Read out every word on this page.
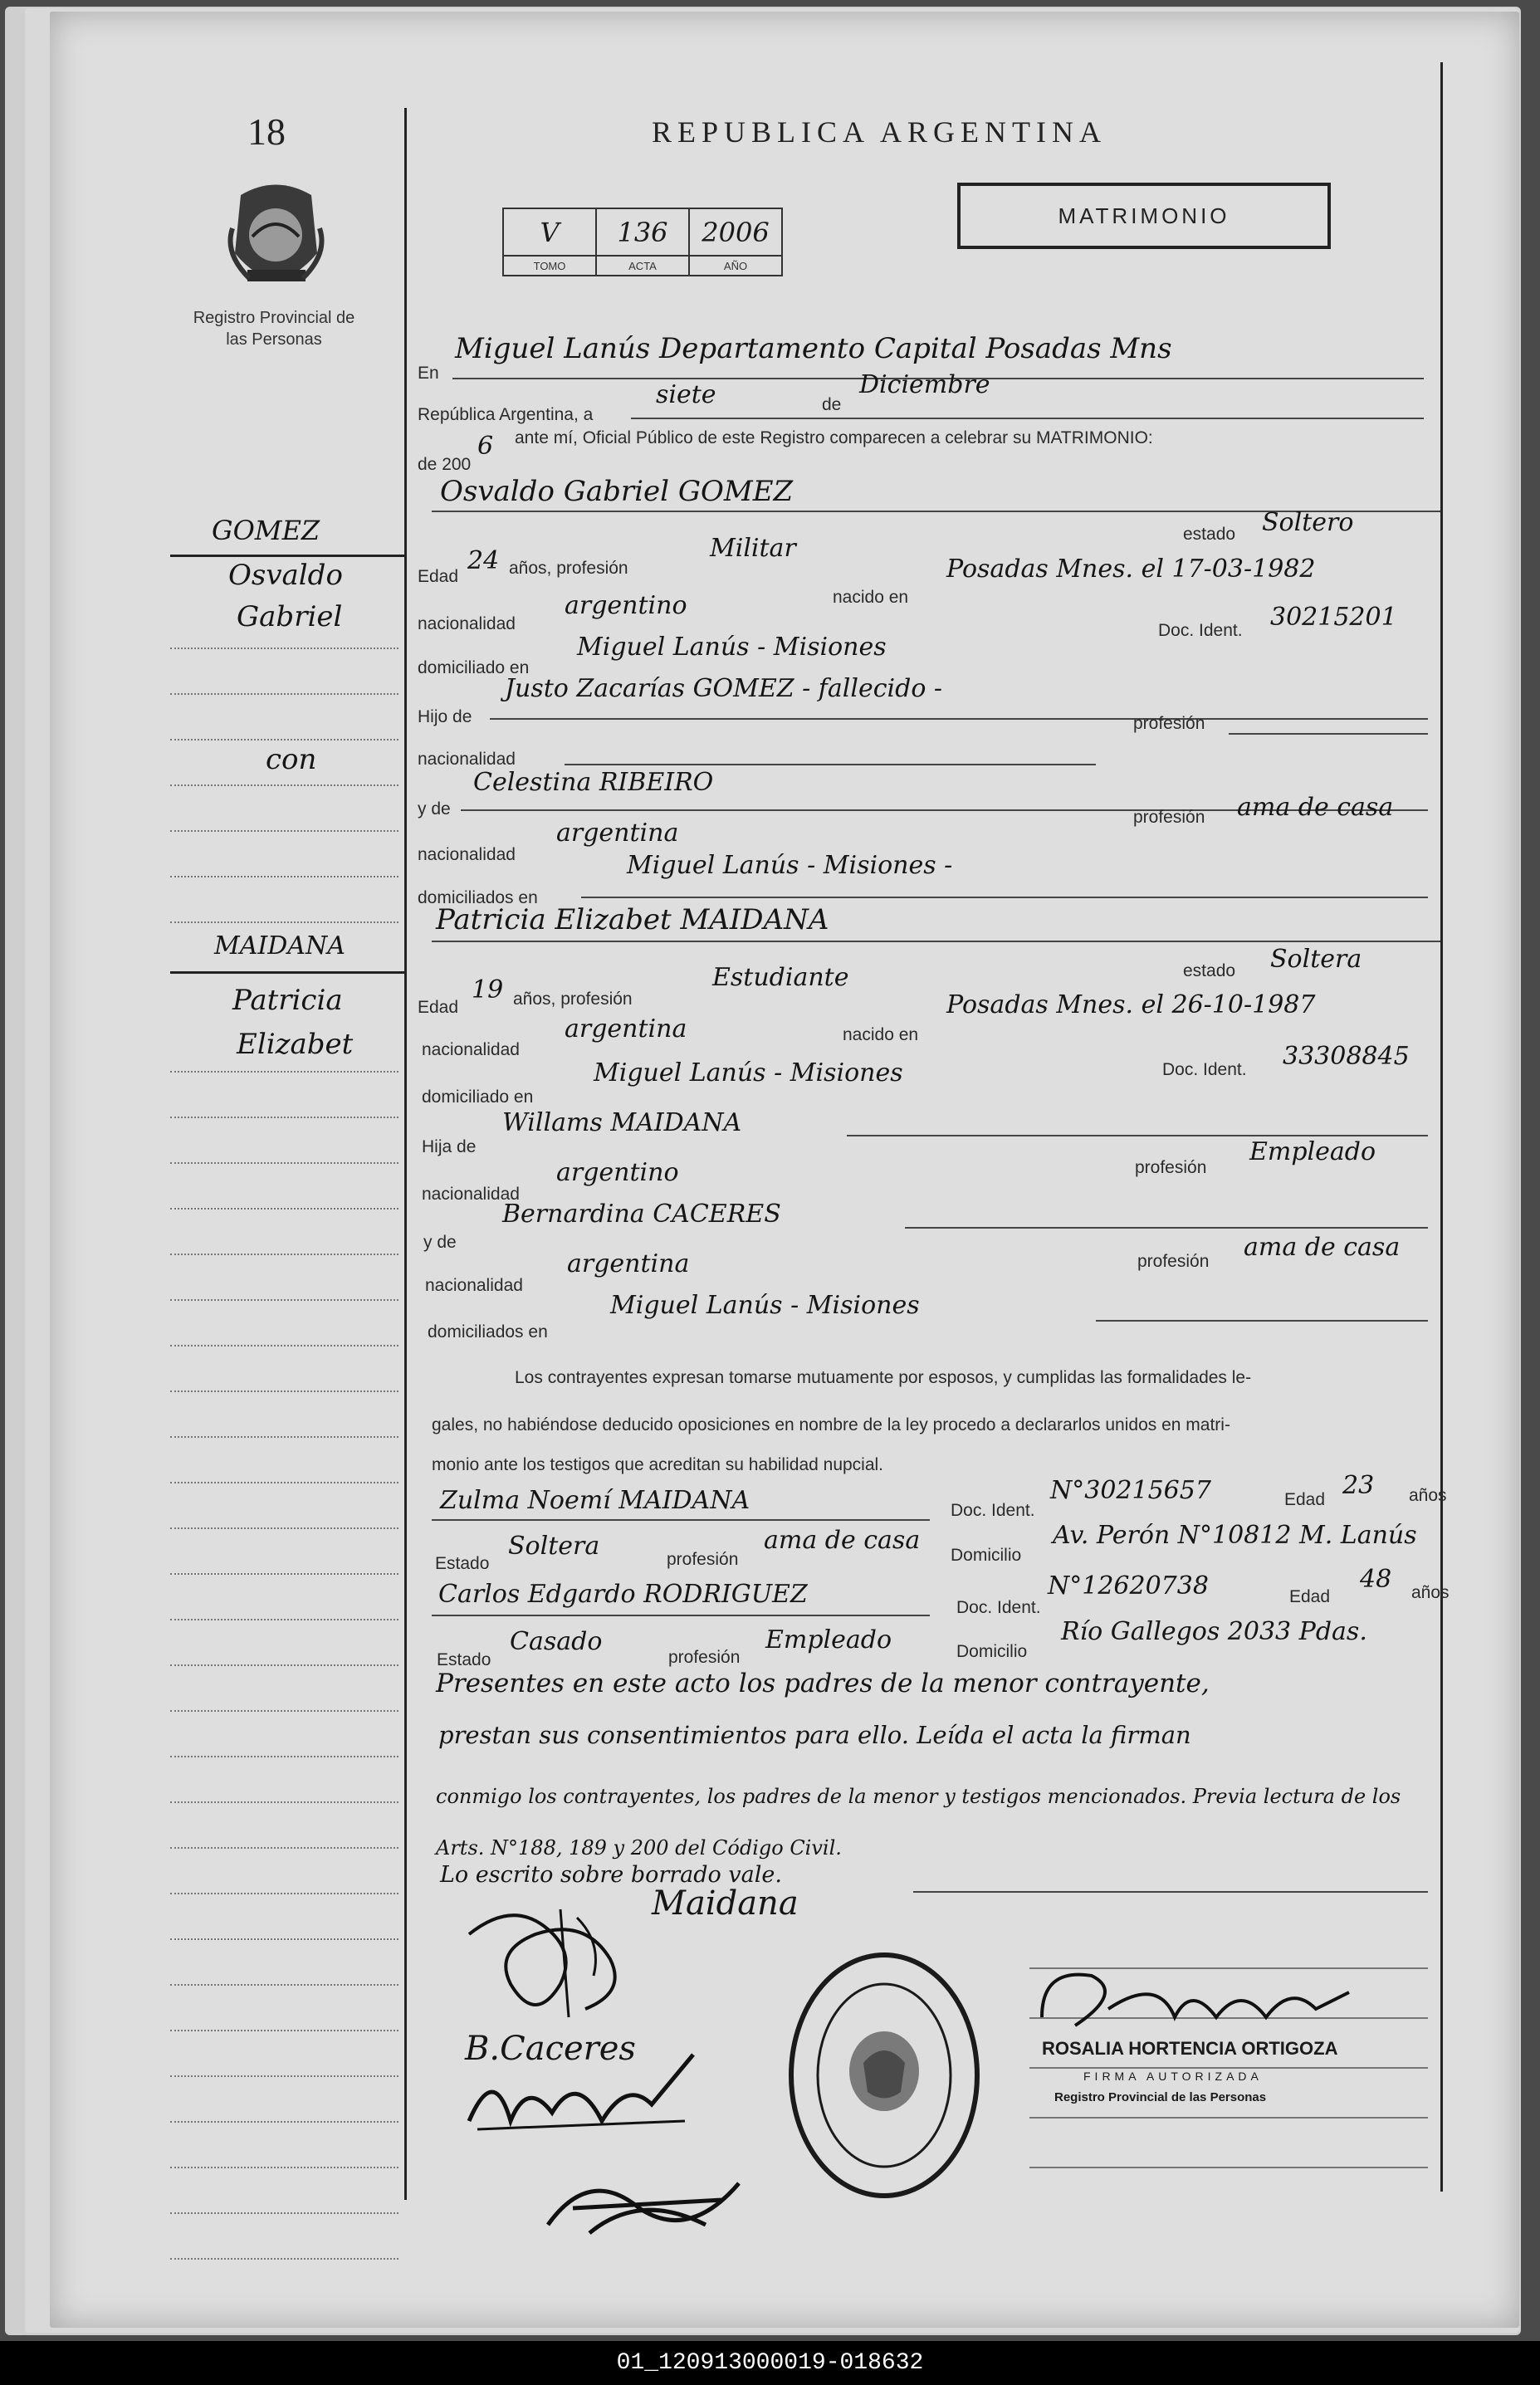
18
Registro Provincial de las Personas
REPUBLICA ARGENTINA
MATRIMONIO
V	136	2006
TOMO	ACTA	AÑO
En
Miguel Lanús Departamento Capital Posadas Mns
República Argentina, a
siete	de
Diciembre
de 200
6 ante mí, Oficial Público de este Registro comparecen a celebrar su MATRIMONIO:
Osvaldo Gabriel GOMEZ
Edad
24 años, profesión
Militar	estado Soltero
nacionalidad
argentino	nacido en
Posadas Mnes. el 17-03-1982
domiciliado en
Miguel Lanús - Misiones
Doc. Ident. 30215201
Hijo de
Justo Zacarías GOMEZ - fallecido -
nacionalidad
profesión
y de
Celestina RIBEIRO
nacionalidad
argentina
profesión ama de casa
domiciliados en
Miguel Lanús - Misiones -
Patricia Elizabet MAIDANA
Edad
19 años, profesión
Estudiante	estado Soltera
nacionalidad
argentina	nacido en
Posadas Mnes. el 26-10-1987
domiciliado en
Miguel Lanús - Misiones	Doc. Ident. 33308845
Hija de
Willams MAIDANA
nacionalidad
argentino	profesión
Empleado
y de
Bernardina CACERES
nacionalidad
argentina	profesión ama de casa
domiciliados en
Miguel Lanús - Misiones
Los contrayentes expresan tomarse mutuamente por esposos, y cumplidas las formalidades le-
gales, no habiéndose deducido oposiciones en nombre de la ley procedo a declararlos unidos en matri-
monio ante los testigos que acreditan su habilidad nupcial.
Zulma Noemí MAIDANA	Doc. Ident.
N°30215657	Edad 23 años
Estado
Soltera	profesión
ama de casa
Domicilio
Av. Perón N°10812 M. Lanús
Carlos Edgardo RODRIGUEZ	Doc. Ident.
N°12620738	Edad
48 años
Estado
Casado
profesión
Empleado	Domicilio
Río Gallegos 2033 Pdas.
Presentes en este acto los padres de la menor contrayente,
prestan sus consentimientos para ello. Leída el acta la firman
conmigo los contrayentes, los padres de la menor y testigos mencionados. Previa lectura de los Arts. N°188, 189 y 200 del Código Civil.
Lo escrito sobre borrado vale.
GOMEZ
Osvaldo
Gabriel
con
MAIDANA
Patricia
Elizabet
Maidana
B.Caceres	ROSALIA HORTENCIA ORTIGOZA
FIRMA AUTORIZADA
Registro Provincial de las Personas
01_120913000019-018632
